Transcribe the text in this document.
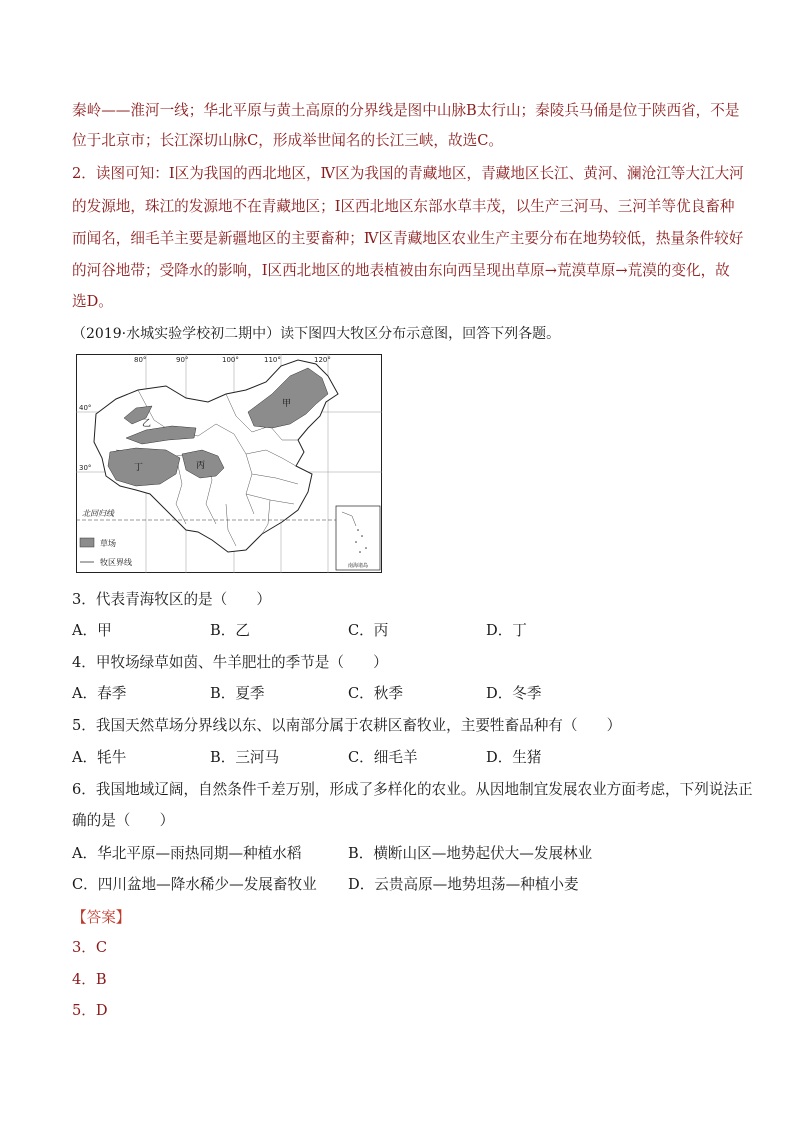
秦岭——淮河一线；华北平原与黄土高原的分界线是图中山脉B太行山；秦陵兵马俑是位于陕西省，不是
位于北京市；长江深切山脉C，形成举世闻名的长江三峡，故选C。
2．读图可知：Ⅰ区为我国的西北地区，Ⅳ区为我国的青藏地区，青藏地区长江、黄河、澜沧江等大江大河
的发源地，珠江的发源地不在青藏地区；Ⅰ区西北地区东部水草丰茂，以生产三河马、三河羊等优良畜种
而闻名，细毛羊主要是新疆地区的主要畜种；Ⅳ区青藏地区农业生产主要分布在地势较低，热量条件较好
的河谷地带；受降水的影响，Ⅰ区西北地区的地表植被由东向西呈现出草原→荒漠草原→荒漠的变化，故
选D。
（2019·水城实验学校初二期中）读下图四大牧区分布示意图，回答下列各题。
80°	90°	100°	110°	120°
40°
30°
甲
乙
丙
丁
北回归线
草场
牧区界线	南海诸岛
3．代表青海牧区的是（　　）
A．甲	B．乙	C．丙	D．丁
4．甲牧场绿草如茵、牛羊肥壮的季节是（　　）
A．春季	B．夏季	C．秋季	D．冬季
5．我国天然草场分界线以东、以南部分属于农耕区畜牧业，主要牲畜品种有（　　）
A．牦牛	B．三河马	C．细毛羊	D．生猪
6．我国地域辽阔，自然条件千差万别，形成了多样化的农业。从因地制宜发展农业方面考虑，下列说法正
确的是（　　）
A．华北平原—雨热同期—种植水稻	B．横断山区—地势起伏大—发展林业
C．四川盆地—降水稀少—发展畜牧业 D．云贵高原—地势坦荡—种植小麦
【答案】
3．C
4．B
5．D
